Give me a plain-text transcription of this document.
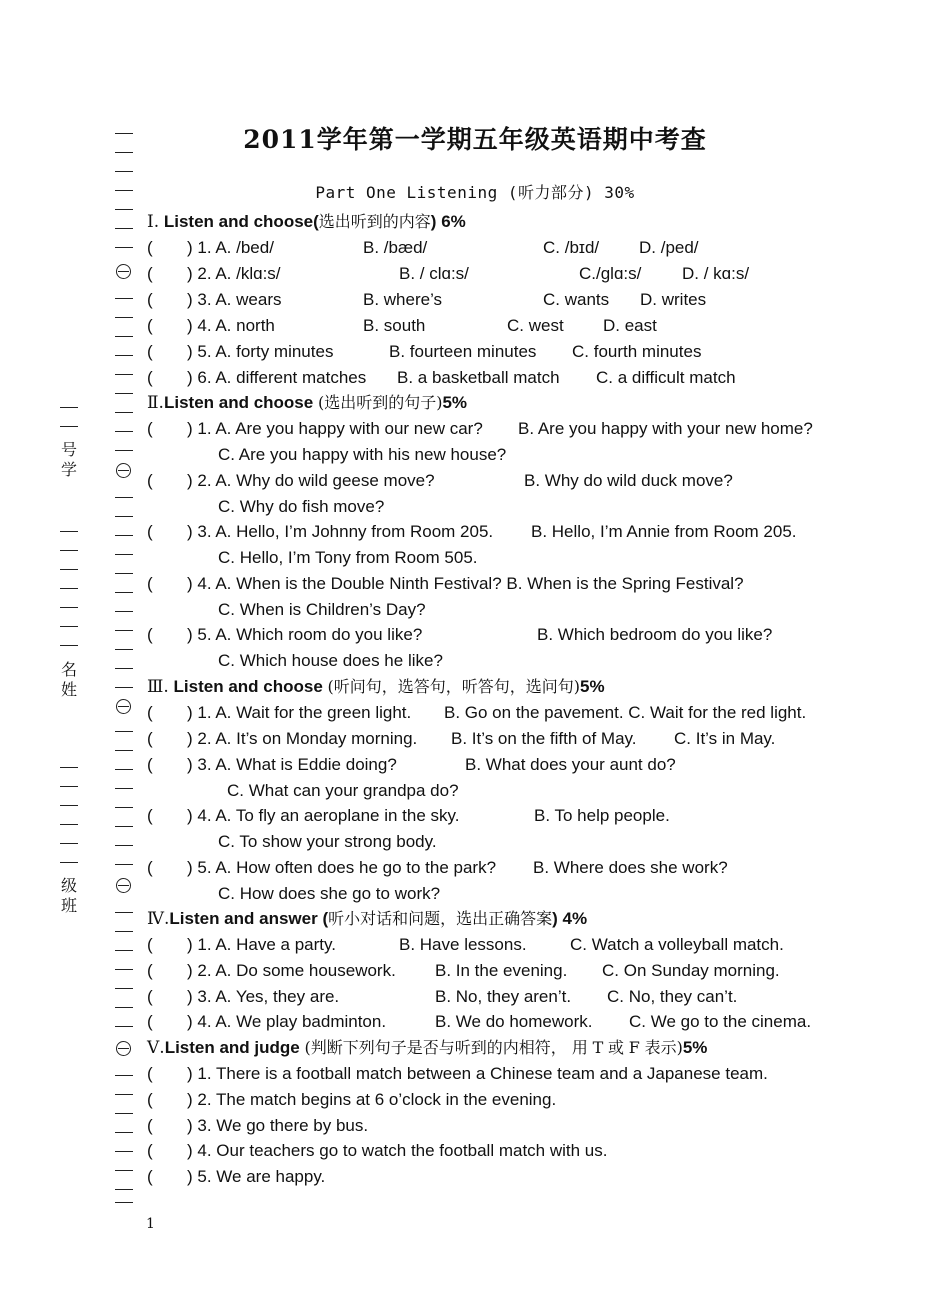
号学
名姓
级班
2011学年第一学期五年级英语期中考查
Part One Listening (听力部分) 30%
Ⅰ. Listen and choose(选出听到的内容) 6%
( ) 1. A. /bed/	B. /bæd/	C. /bɪd/ D. /ped/
( ) 2. A. /klɑ:s/	B. / clɑ:s/	C./glɑ:s/ D. / kɑ:s/
( ) 3. A. wears	B. where’s	C. wants D. writes
( ) 4. A. north	B. south	C. west D. east
( ) 5. A. forty minutes	B. fourteen minutes C. fourth minutes
( ) 6. A. different matches B. a basketball match C. a difficult match
Ⅱ.Listen and choose (选出听到的句子)5%
( ) 1. A. Are you happy with our new car? B. Are you happy with your new home?
C. Are you happy with his new house?
( ) 2. A. Why do wild geese move?	B. Why do wild duck move?
C. Why do fish move?
( ) 3. A. Hello, I’m Johnny from Room 205. B. Hello, I’m Annie from Room 205.
C. Hello, I’m Tony from Room 505.
( ) 4. A. When is the Double Ninth Festival? B. When is the Spring Festival?
C. When is Children’s Day?
( ) 5. A. Which room do you like?	B. Which bedroom do you like?
C. Which house does he like?
Ⅲ. Listen and choose (听问句，选答句，听答句，选问句)5%
( ) 1. A. Wait for the green light. B. Go on the pavement. C. Wait for the red light.
( ) 2. A. It’s on Monday morning. B. It’s on the fifth of May. C. It’s in May.
( ) 3. A. What is Eddie doing?	B. What does your aunt do?
C. What can your grandpa do?
( ) 4. A. To fly an aeroplane in the sky.	B. To help people.
C. To show your strong body.
( ) 5. A. How often does he go to the park? B. Where does she work?
C. How does she go to work?
Ⅳ.Listen and answer (听小对话和问题，选出正确答案) 4%
( ) 1. A. Have a party.	B. Have lessons.	C. Watch a volleyball match.
( ) 2. A. Do some housework. B. In the evening. C. On Sunday morning.
( ) 3. A. Yes, they are.	B. No, they aren’t. C. No, they can’t.
( ) 4. A. We play badminton.	B. We do homework. C. We go to the cinema.
Ⅴ.Listen and judge (判断下列句子是否与听到的内相符， 用 T 或 F 表示)5%
( ) 1. There is a football match between a Chinese team and a Japanese team.
( ) 2. The match begins at 6 o’clock in the evening.
( ) 3. We go there by bus.
( ) 4. Our teachers go to watch the football match with us.
( ) 5. We are happy.
1
